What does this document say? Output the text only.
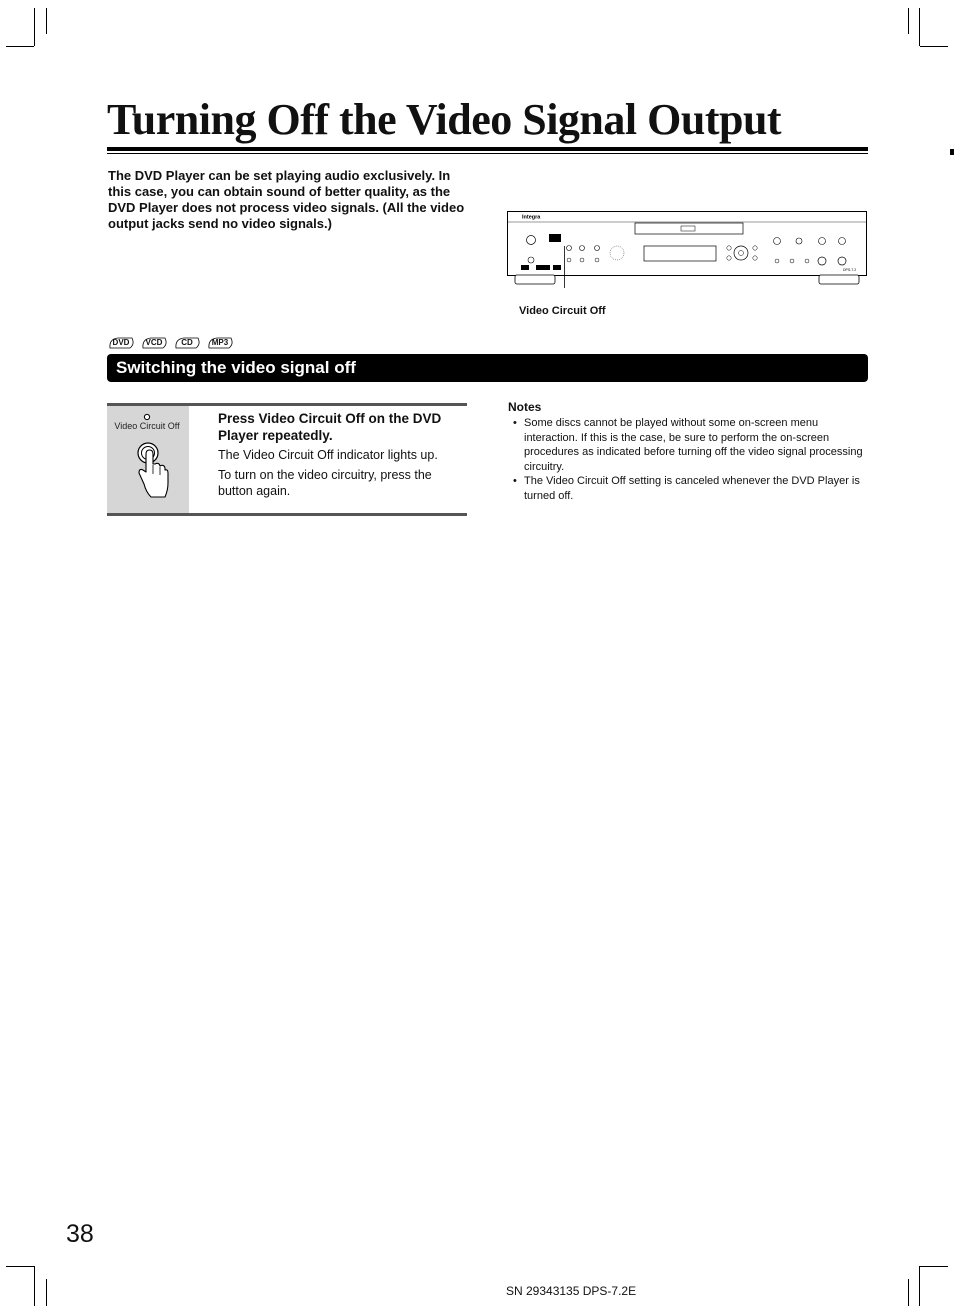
Turning Off the Video Signal Output
The DVD Player can be set playing audio exclusively. In this case, you can obtain sound of better quality, as the DVD Player does not process video signals. (All the video output jacks send no video signals.)	Integra
DPS-7.2
Video Circuit Off
DVD	VCD	CD	MP3
Switching the video signal off
Video Circuit Off	Press Video Circuit Off on the DVD Player repeatedly.
The Video Circuit Off indicator lights up.
To turn on the video circuitry, press the button again.
Notes
• Some discs cannot be played without some on-screen menu interaction. If this is the case, be sure to perform the on-screen procedures as indicated before turning off the video signal processing circuitry.
• The Video Circuit Off setting is canceled whenever the DVD Player is turned off.
38
SN 29343135 DPS-7.2E
